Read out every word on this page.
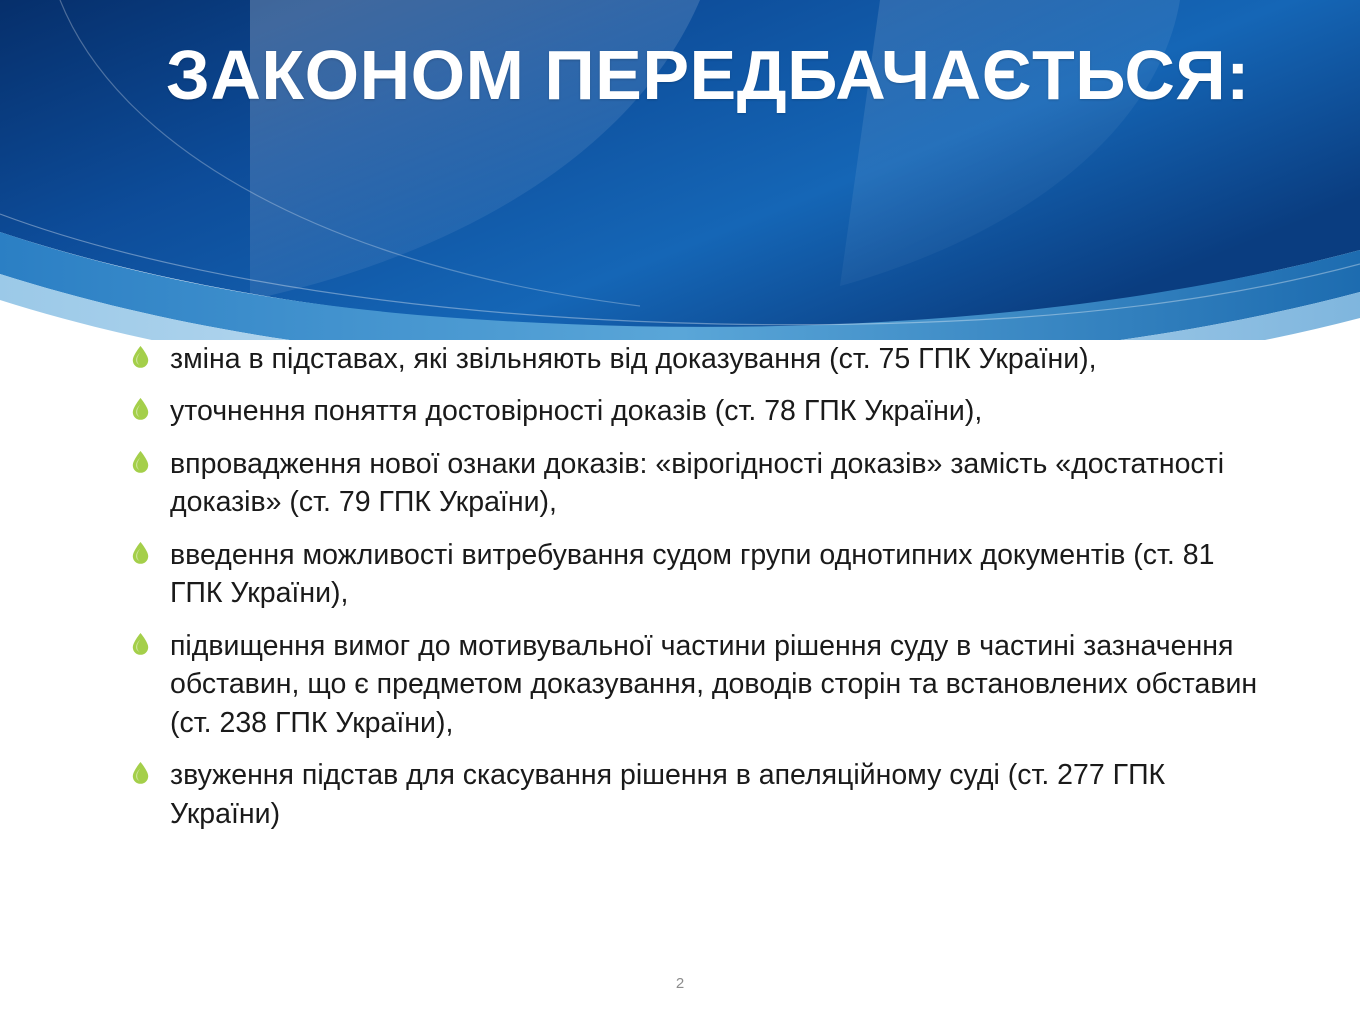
ЗАКОНОМ ПЕРЕДБАЧАЄТЬСЯ:
зміна в підставах, які звільняють від доказування (ст. 75 ГПК України),
уточнення поняття достовірності доказів (ст. 78 ГПК України),
впровадження нової ознаки доказів: «вірогідності доказів» замість «достатності доказів» (ст. 79 ГПК України),
введення можливості витребування судом групи однотипних документів (ст. 81 ГПК України),
підвищення вимог до мотивувальної частини рішення суду в частині зазначення обставин, що є предметом доказування, доводів сторін та встановлених обставин (ст. 238 ГПК України),
звуження підстав для скасування рішення в апеляційному суді (ст. 277 ГПК України)
2
